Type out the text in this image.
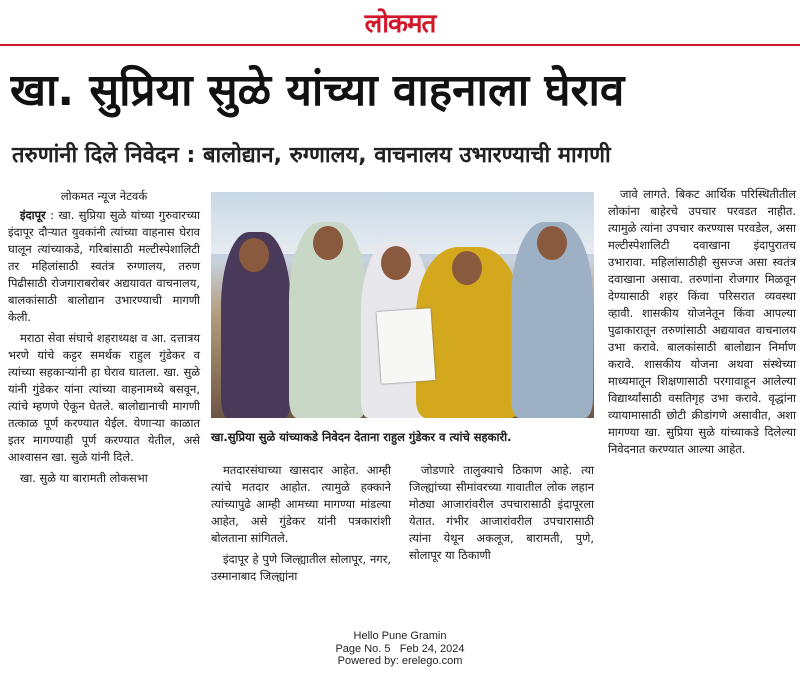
लोकमत
खा. सुप्रिया सुळे यांच्या वाहनाला घेराव
तरुणांनी दिले निवेदन : बालोद्यान, रुग्णालय, वाचनालय उभारण्याची मागणी
लोकमत न्यूज नेटवर्क

इंदापूर : खा. सुप्रिया सुळे यांच्या गुरुवारच्या इंदापूर दौऱ्यात युवकांनी त्यांच्या वाहनास घेराव घालून त्यांच्याकडे, गरिबांसाठी मल्टीस्पेशालिटी तर महिलांसाठी स्वतंत्र रुग्णालय, तरुण पिढीसाठी रोजगाराबरोबर अद्ययावत वाचनालय, बालकांसाठी बालोद्यान उभारण्याची मागणी केली.

मराठा सेवा संघाचे शहराध्यक्ष व आ. दत्तात्रय भरणे यांचे कट्टर समर्थक राहुल गुंडेकर व त्यांच्या सहकाऱ्यांनी हा घेराव घातला. खा. सुळे यांनी गुंडेकर यांना त्यांच्या वाहनामध्ये बसवून, त्यांचे म्हणणे ऐकून घेतले. बालोद्यानाची मागणी तत्काळ पूर्ण करण्यात येईल. येणाऱ्या काळात इतर मागण्याही पूर्ण करण्यात येतील, असे आश्वासन खा. सुळे यांनी दिले.

खा. सुळे या बारामती लोकसभा

खा.सुप्रिया सुळे यांच्याकडे निवेदन देताना राहुल गुंडेकर व त्यांचे सहकारी.

मतदारसंघाच्या खासदार आहेत. आम्ही त्यांचे मतदार आहोत. त्यामुळे हक्काने त्यांच्यापुढे आम्ही आमच्या मागण्या मांडल्या आहेत, असे गुंडेकर यांनी पत्रकारांशी बोलताना सांगितले.

इंदापूर हे पुणे जिल्ह्यातील सोलापूर, नगर, उस्मानाबाद जिल्ह्यांना

जोडणारे तालुक्याचे ठिकाण आहे. त्या जिल्ह्यांच्या सीमांवरच्या गावातील लोक लहान मोठ्या आजारांवरील उपचारासाठी इंदापूरला येतात. गंभीर आजारांवरील उपचारासाठी त्यांना येथून अकलूज, बारामती, पुणे, सोलापूर या ठिकाणी

जावे लागते. बिकट आर्थिक परिस्थितीतील लोकांना बाहेरचे उपचार परवडत नाहीत. त्यामुळे त्यांना उपचार करण्यास परवडेल, असा मल्टीस्पेशालिटी दवाखाना इंदापुरातच उभारावा. महिलांसाठीही सुसज्ज असा स्वतंत्र दवाखाना असावा. तरुणांना रोजगार मिळवून देण्यासाठी शहर किंवा परिसरात व्यवस्था व्हावी. शासकीय योजनेतून किंवा आपल्या पुढाकारातून तरुणांसाठी अद्ययावत वाचनालय उभा करावे. बालकांसाठी बालोद्यान निर्माण करावे. शासकीय योजना अथवा संस्थेच्या माध्यमातून शिक्षणासाठी परगावाहून आलेल्या विद्यार्थ्यांसाठी वसतिगृह उभा करावे. वृद्धांना व्यायामासाठी छोटी क्रीडांगणे असावीत, अशा मागण्या खा. सुप्रिया सुळे यांच्याकडे दिलेल्या निवेदनात करण्यात आल्या आहेत.

Hello Pune Gramin
Page No. 5 Feb 24, 2024
Powered by: erelego.com
